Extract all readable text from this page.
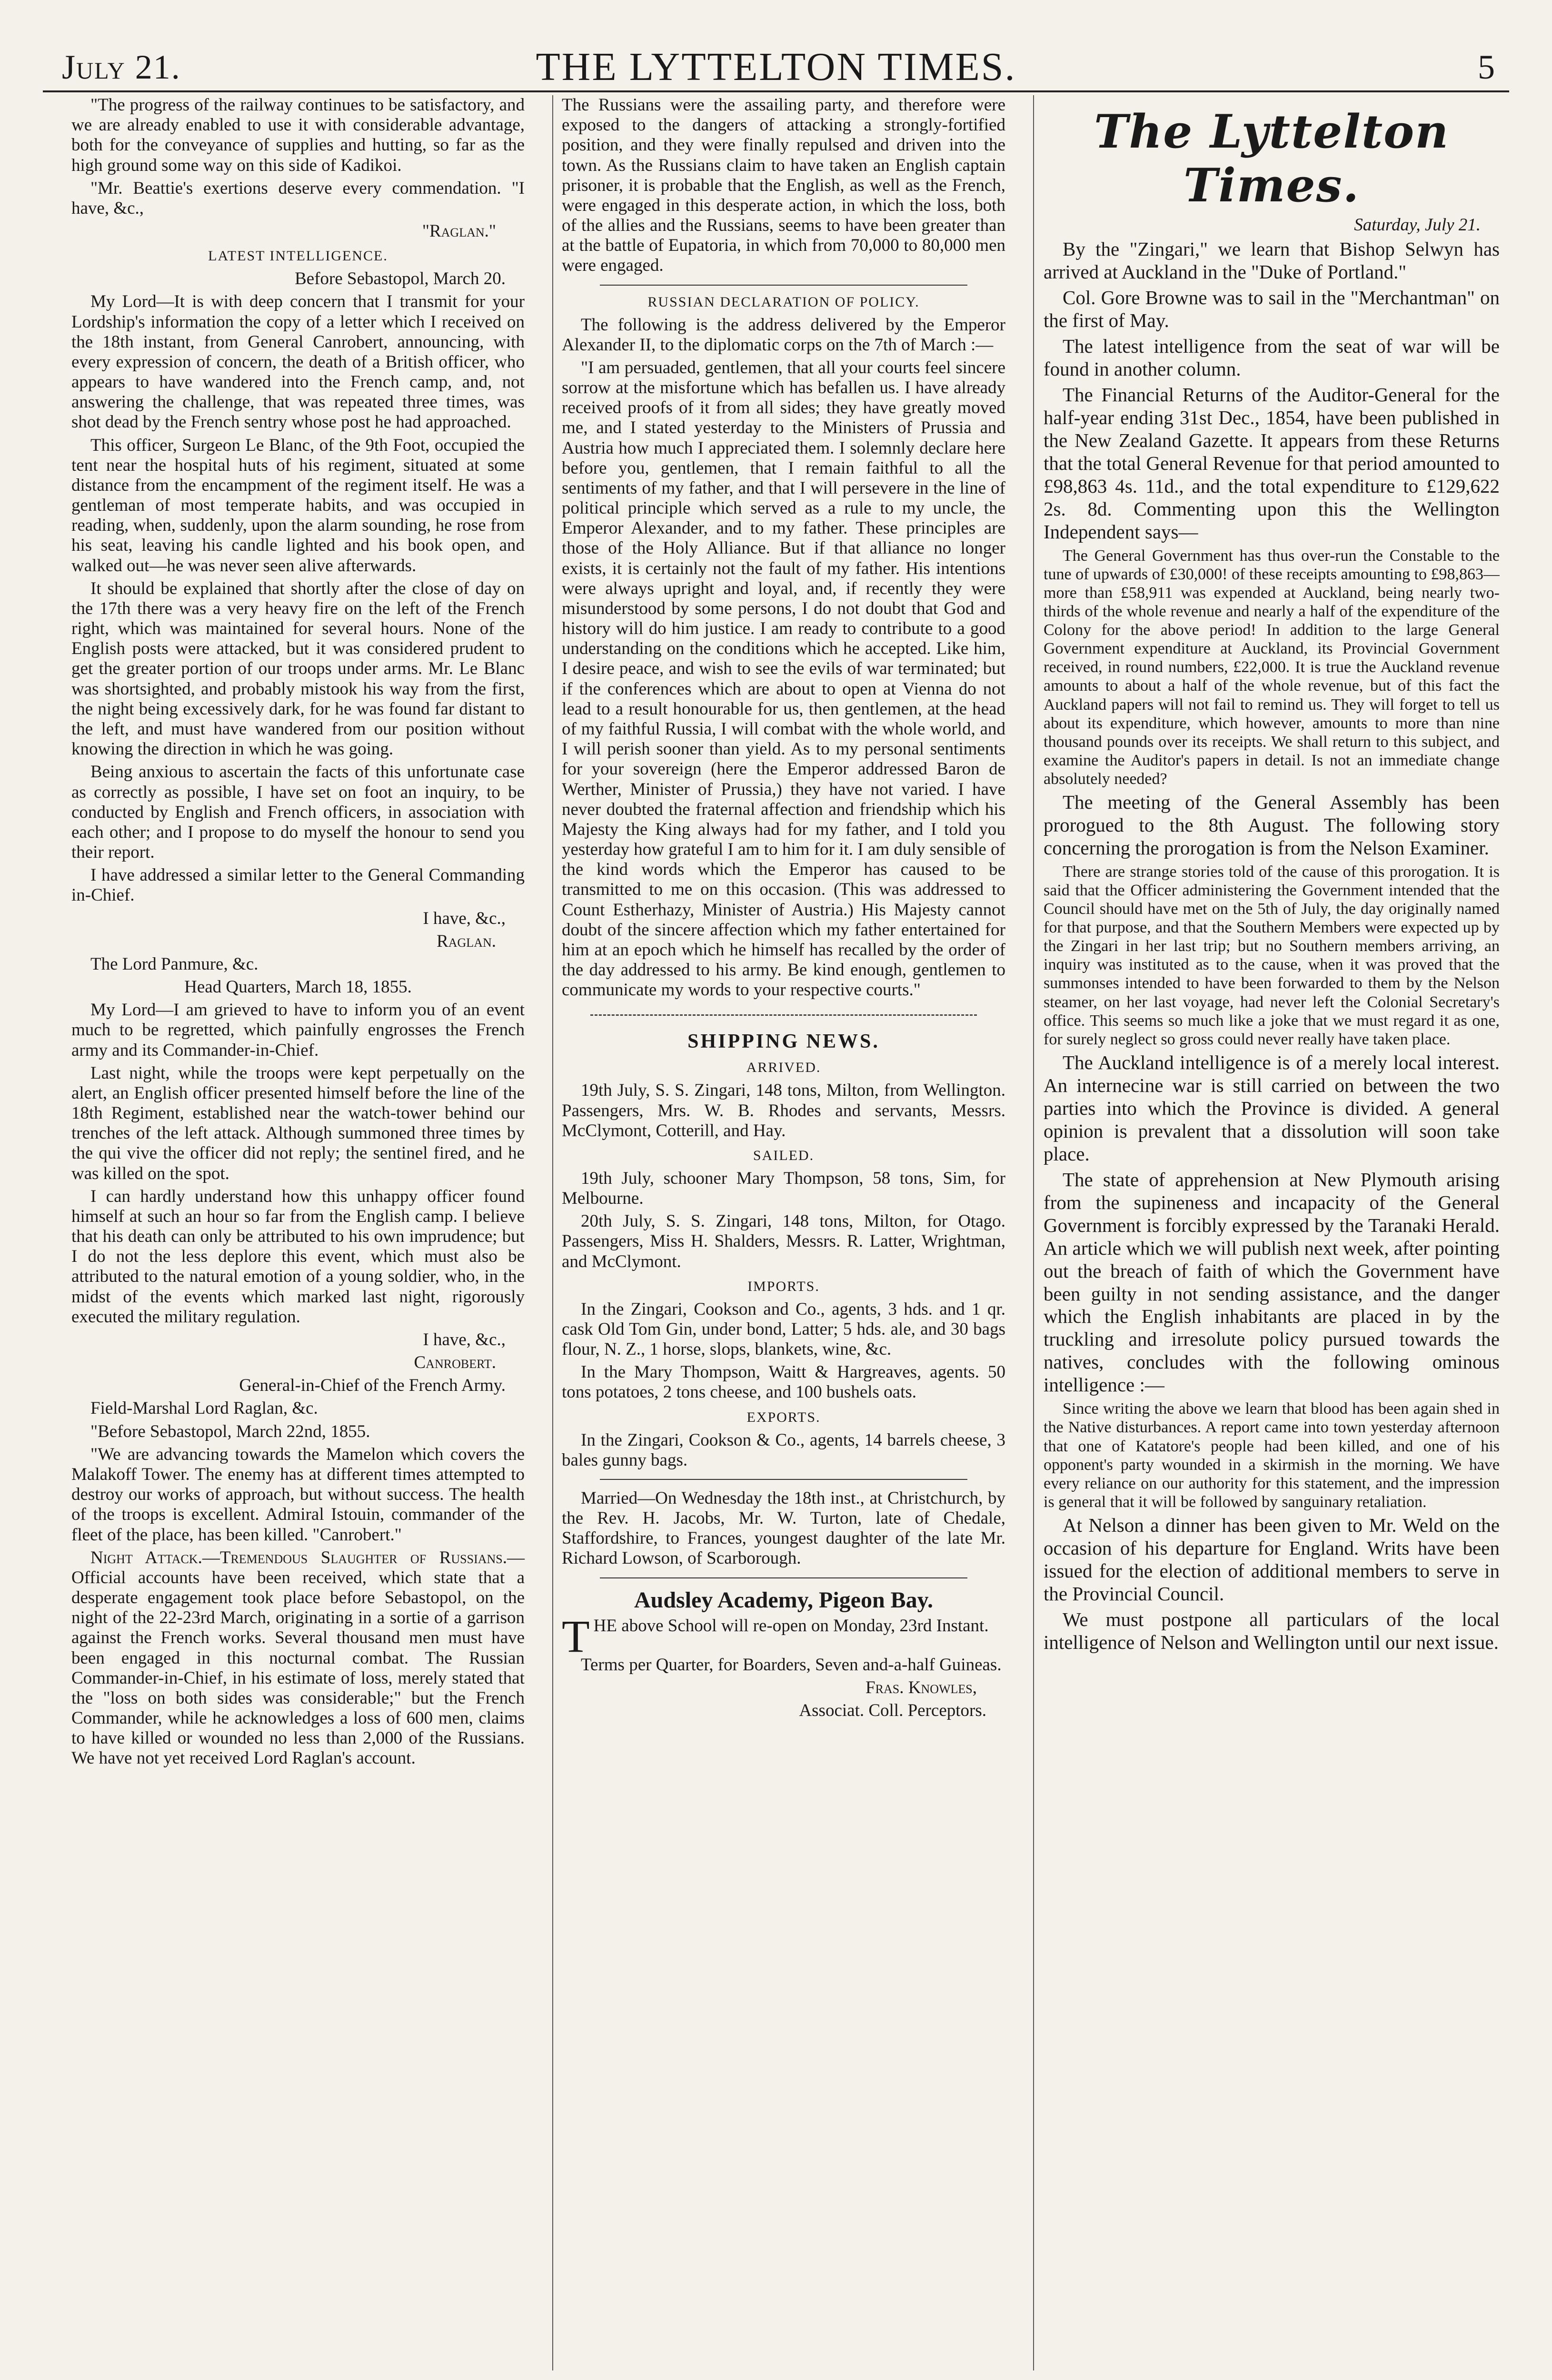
July 21.	THE LYTTELTON TIMES.	5

"The progress of the railway continues to be satisfactory, and we are already enabled to use it with considerable advantage, both for the conveyance of supplies and hutting, so far as the high ground some way on this side of Kadikoi.

"Mr. Beattie's exertions deserve every commendation. "I have, &c.,

"Raglan."

LATEST INTELLIGENCE.

Before Sebastopol, March 20.

My Lord—It is with deep concern that I transmit for your Lordship's information the copy of a letter which I received on the 18th instant, from General Canrobert, announcing, with every expression of concern, the death of a British officer, who appears to have wandered into the French camp, and, not answering the challenge, that was repeated three times, was shot dead by the French sentry whose post he had approached.

This officer, Surgeon Le Blanc, of the 9th Foot, occupied the tent near the hospital huts of his regiment, situated at some distance from the encampment of the regiment itself. He was a gentleman of most temperate habits, and was occupied in reading, when, suddenly, upon the alarm sounding, he rose from his seat, leaving his candle lighted and his book open, and walked out—he was never seen alive afterwards.

It should be explained that shortly after the close of day on the 17th there was a very heavy fire on the left of the French right, which was maintained for several hours. None of the English posts were attacked, but it was considered prudent to get the greater portion of our troops under arms. Mr. Le Blanc was shortsighted, and probably mistook his way from the first, the night being excessively dark, for he was found far distant to the left, and must have wandered from our position without knowing the direction in which he was going.

Being anxious to ascertain the facts of this unfortunate case as correctly as possible, I have set on foot an inquiry, to be conducted by English and French officers, in association with each other; and I propose to do myself the honour to send you their report.

I have addressed a similar letter to the General Commanding in-Chief.

I have, &c.,

Raglan.

The Lord Panmure, &c.

Head Quarters, March 18, 1855.

My Lord—I am grieved to have to inform you of an event much to be regretted, which painfully engrosses the French army and its Commander-in-Chief.

Last night, while the troops were kept perpetually on the alert, an English officer presented himself before the line of the 18th Regiment, established near the watch-tower behind our trenches of the left attack. Although summoned three times by the qui vive the officer did not reply; the sentinel fired, and he was killed on the spot.

I can hardly understand how this unhappy officer found himself at such an hour so far from the English camp. I believe that his death can only be attributed to his own imprudence; but I do not the less deplore this event, which must also be attributed to the natural emotion of a young soldier, who, in the midst of the events which marked last night, rigorously executed the military regulation.

I have, &c.,

Canrobert.

General-in-Chief of the French Army.

Field-Marshal Lord Raglan, &c.

"Before Sebastopol, March 22nd, 1855.

"We are advancing towards the Mamelon which covers the Malakoff Tower. The enemy has at different times attempted to destroy our works of approach, but without success. The health of the troops is excellent. Admiral Istouin, commander of the fleet of the place, has been killed. "Canrobert."

Night Attack.—Tremendous Slaughter of Russians.—Official accounts have been received, which state that a desperate engagement took place before Sebastopol, on the night of the 22-23rd March, originating in a sortie of a garrison against the French works. Several thousand men must have been engaged in this nocturnal combat. The Russian Commander-in-Chief, in his estimate of loss, merely stated that the "loss on both sides was considerable;" but the French Commander, while he acknowledges a loss of 600 men, claims to have killed or wounded no less than 2,000 of the Russians. We have not yet received Lord Raglan's account.

The Russians were the assailing party, and therefore were exposed to the dangers of attacking a strongly-fortified position, and they were finally repulsed and driven into the town. As the Russians claim to have taken an English captain prisoner, it is probable that the English, as well as the French, were engaged in this desperate action, in which the loss, both of the allies and the Russians, seems to have been greater than at the battle of Eupatoria, in which from 70,000 to 80,000 men were engaged.

RUSSIAN DECLARATION OF POLICY.

The following is the address delivered by the Emperor Alexander II, to the diplomatic corps on the 7th of March :—

"I am persuaded, gentlemen, that all your courts feel sincere sorrow at the misfortune which has befallen us. I have already received proofs of it from all sides; they have greatly moved me, and I stated yesterday to the Ministers of Prussia and Austria how much I appreciated them. I solemnly declare here before you, gentlemen, that I remain faithful to all the sentiments of my father, and that I will persevere in the line of political principle which served as a rule to my uncle, the Emperor Alexander, and to my father. These principles are those of the Holy Alliance. But if that alliance no longer exists, it is certainly not the fault of my father. His intentions were always upright and loyal, and, if recently they were misunderstood by some persons, I do not doubt that God and history will do him justice. I am ready to contribute to a good understanding on the conditions which he accepted. Like him, I desire peace, and wish to see the evils of war terminated; but if the conferences which are about to open at Vienna do not lead to a result honourable for us, then gentlemen, at the head of my faithful Russia, I will combat with the whole world, and I will perish sooner than yield. As to my personal sentiments for your sovereign (here the Emperor addressed Baron de Werther, Minister of Prussia,) they have not varied. I have never doubted the fraternal affection and friendship which his Majesty the King always had for my father, and I told you yesterday how grateful I am to him for it. I am duly sensible of the kind words which the Emperor has caused to be transmitted to me on this occasion. (This was addressed to Count Estherhazy, Minister of Austria.) His Majesty cannot doubt of the sincere affection which my father entertained for him at an epoch which he himself has recalled by the order of the day addressed to his army. Be kind enough, gentlemen to communicate my words to your respective courts."

SHIPPING NEWS.
ARRIVED.

19th July, S. S. Zingari, 148 tons, Milton, from Wellington. Passengers, Mrs. W. B. Rhodes and servants, Messrs. McClymont, Cotterill, and Hay.

SAILED.

19th July, schooner Mary Thompson, 58 tons, Sim, for Melbourne.

20th July, S. S. Zingari, 148 tons, Milton, for Otago. Passengers, Miss H. Shalders, Messrs. R. Latter, Wrightman, and McClymont.

IMPORTS.

In the Zingari, Cookson and Co., agents, 3 hds. and 1 qr. cask Old Tom Gin, under bond, Latter; 5 hds. ale, and 30 bags flour, N. Z., 1 horse, slops, blankets, wine, &c.

In the Mary Thompson, Waitt & Hargreaves, agents. 50 tons potatoes, 2 tons cheese, and 100 bushels oats.

EXPORTS.

In the Zingari, Cookson & Co., agents, 14 barrels cheese, 3 bales gunny bags.

Married—On Wednesday the 18th inst., at Christchurch, by the Rev. H. Jacobs, Mr. W. Turton, late of Chedale, Staffordshire, to Frances, youngest daughter of the late Mr. Richard Lowson, of Scarborough.

Audsley Academy, Pigeon Bay.

THE above School will re-open on Monday, 23rd Instant.

Terms per Quarter, for Boarders, Seven and-a-half Guineas.

Fras. Knowles,

Associat. Coll. Perceptors.

The Lyttelton Times.

Saturday, July 21.

By the "Zingari," we learn that Bishop Selwyn has arrived at Auckland in the "Duke of Portland."

Col. Gore Browne was to sail in the "Merchantman" on the first of May.

The latest intelligence from the seat of war will be found in another column.

The Financial Returns of the Auditor-General for the half-year ending 31st Dec., 1854, have been published in the New Zealand Gazette. It appears from these Returns that the total General Revenue for that period amounted to £98,863 4s. 11d., and the total expenditure to £129,622 2s. 8d. Commenting upon this the Wellington Independent says—

The General Government has thus over-run the Constable to the tune of upwards of £30,000! of these receipts amounting to £98,863—more than £58,911 was expended at Auckland, being nearly two-thirds of the whole revenue and nearly a half of the expenditure of the Colony for the above period! In addition to the large General Government expenditure at Auckland, its Provincial Government received, in round numbers, £22,000. It is true the Auckland revenue amounts to about a half of the whole revenue, but of this fact the Auckland papers will not fail to remind us. They will forget to tell us about its expenditure, which however, amounts to more than nine thousand pounds over its receipts. We shall return to this subject, and examine the Auditor's papers in detail. Is not an immediate change absolutely needed?

The meeting of the General Assembly has been prorogued to the 8th August. The following story concerning the prorogation is from the Nelson Examiner.

There are strange stories told of the cause of this prorogation. It is said that the Officer administering the Government intended that the Council should have met on the 5th of July, the day originally named for that purpose, and that the Southern Members were expected up by the Zingari in her last trip; but no Southern members arriving, an inquiry was instituted as to the cause, when it was proved that the summonses intended to have been forwarded to them by the Nelson steamer, on her last voyage, had never left the Colonial Secretary's office. This seems so much like a joke that we must regard it as one, for surely neglect so gross could never really have taken place.

The Auckland intelligence is of a merely local interest. An internecine war is still carried on between the two parties into which the Province is divided. A general opinion is prevalent that a dissolution will soon take place.

The state of apprehension at New Plymouth arising from the supineness and incapacity of the General Government is forcibly expressed by the Taranaki Herald. An article which we will publish next week, after pointing out the breach of faith of which the Government have been guilty in not sending assistance, and the danger which the English inhabitants are placed in by the truckling and irresolute policy pursued towards the natives, concludes with the following ominous intelligence :—

Since writing the above we learn that blood has been again shed in the Native disturbances. A report came into town yesterday afternoon that one of Katatore's people had been killed, and one of his opponent's party wounded in a skirmish in the morning. We have every reliance on our authority for this statement, and the impression is general that it will be followed by sanguinary retaliation.

At Nelson a dinner has been given to Mr. Weld on the occasion of his departure for England. Writs have been issued for the election of additional members to serve in the Provincial Council.

We must postpone all particulars of the local intelligence of Nelson and Wellington until our next issue.
